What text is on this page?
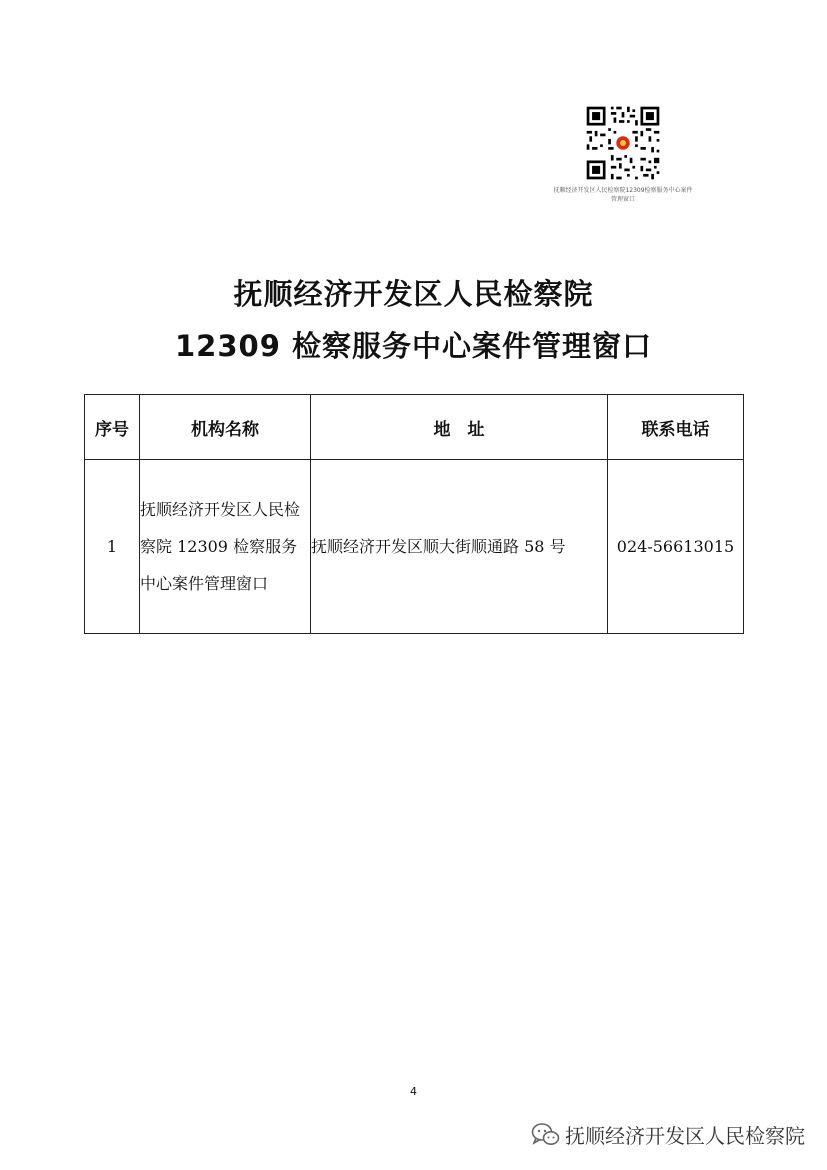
抚顺经济开发区人民检察院12309检察服务中心案件管理窗口
抚顺经济开发区人民检察院
12309 检察服务中心案件管理窗口
序号	机构名称	地　址	联系电话
1	抚顺经济开发区人民检察院 12309 检察服务中心案件管理窗口	抚顺经济开发区顺大街顺通路 58 号	024-56613015
4
抚顺经济开发区人民检察院
